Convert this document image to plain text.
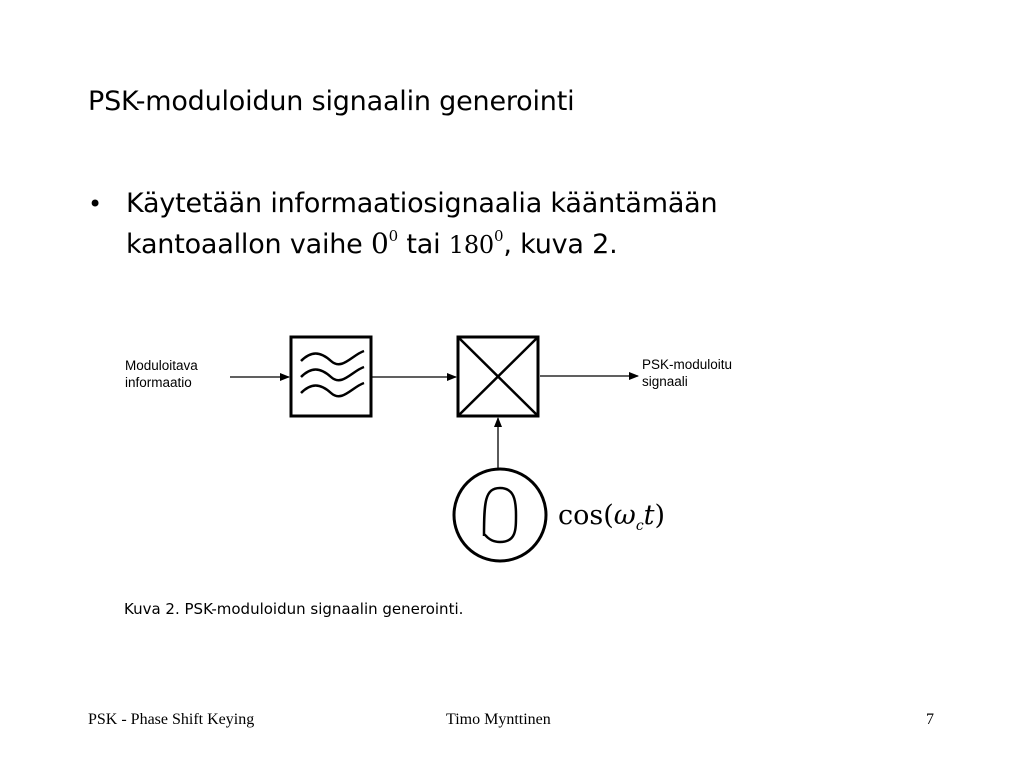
PSK-moduloidun signaalin generointi
• Käytetään informaatiosignaalia kääntämään
kantoaallon vaihe $0^0$ tai $180^0$, kuva 2.
Moduloitava
informaatio
PSK-moduloitu
signaali
$\cos(\omega_ct)$
Kuva 2. PSK-moduloidun signaalin generointi.
PSK - Phase Shift Keying	Timo Mynttinen	7
